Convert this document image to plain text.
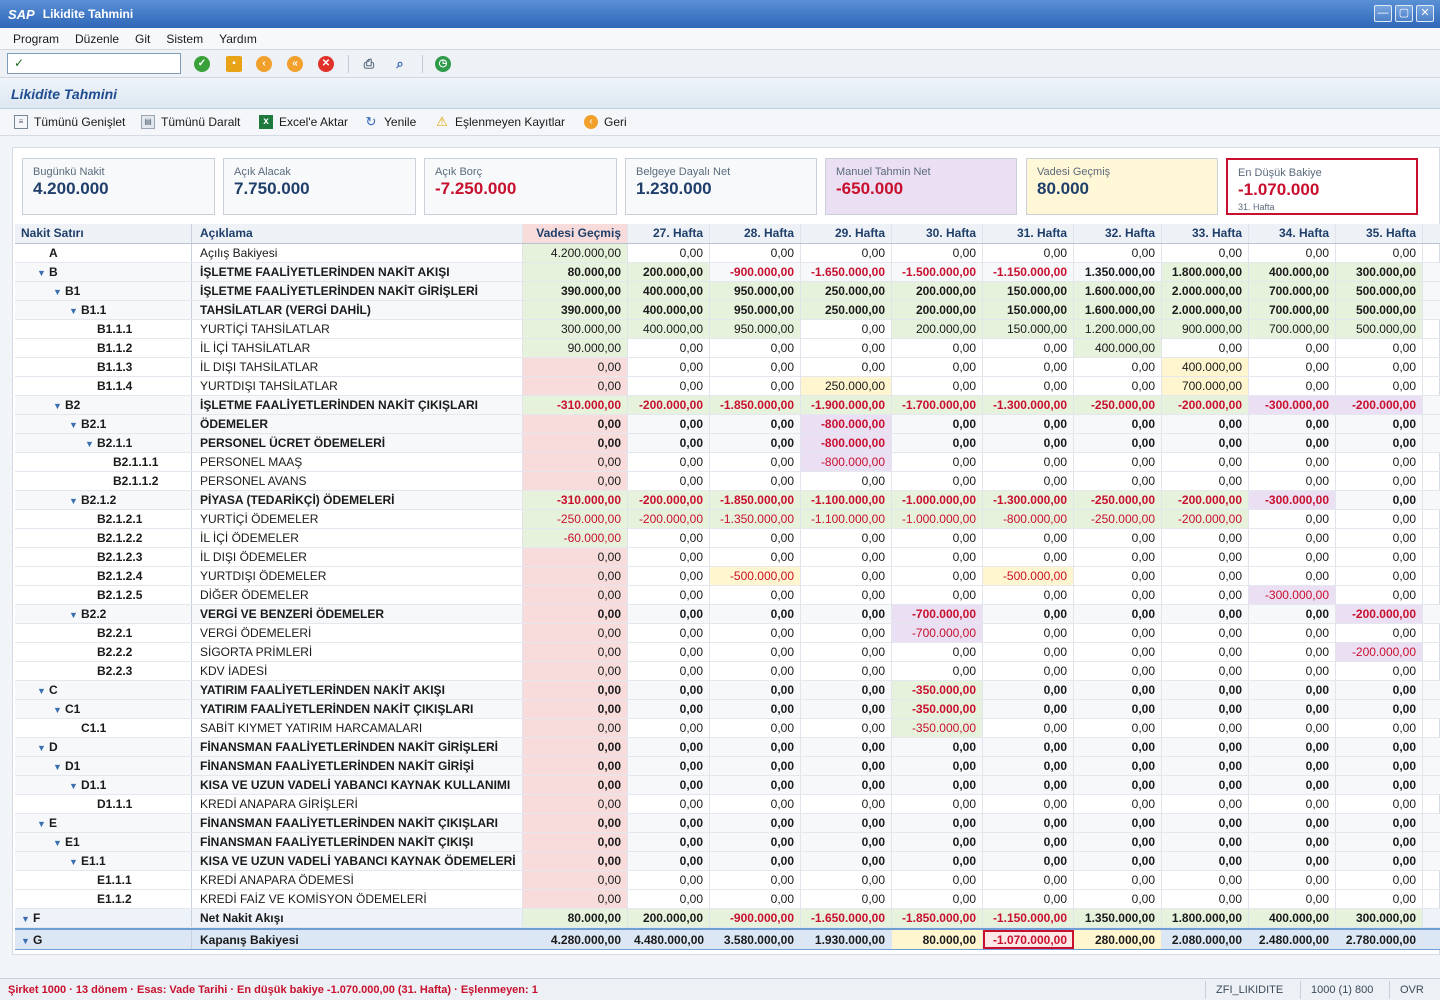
SAP Likidite Tahmini	— ▢	✕
Program Düzenle Git Sistem Yardım
✓	✓	▪	‹	«	✕	⎙	⌕	◷
Likidite Tahmini
≡ Tümünü Genişlet	▤ Tümünü Daralt	x Excel'e Aktar ↻ Yenile ⚠ Eşlenmeyen Kayıtlar	‹ Geri
Bugünkü Nakit
4.200.000
Açık Alacak
7.750.000
Açık Borç
-7.250.000
Belgeye Dayalı Net
1.230.000
Manuel Tahmin Net
-650.000
Vadesi Geçmiş
80.000
En Düşük Bakiye
-1.070.000
31. Hafta
Nakit Satırı	Açıklama	Vadesi Geçmiş	27. Hafta	28. Hafta	29. Hafta	30. Hafta	31. Hafta	32. Hafta	33. Hafta	34. Hafta	35. Hafta
A	Açılış Bakiyesi	4.200.000,00	0,00	0,00	0,00	0,00	0,00	0,00	0,00	0,00	0,00
▼ B	İŞLETME FAALİYETLERİNDEN NAKİT AKIŞI	80.000,00	200.000,00	-900.000,00	-1.650.000,00	-1.500.000,00	-1.150.000,00	1.350.000,00	1.800.000,00	400.000,00	300.000,00
▼ B1	İŞLETME FAALİYETLERİNDEN NAKİT GİRİŞLERİ	390.000,00	400.000,00	950.000,00	250.000,00	200.000,00	150.000,00	1.600.000,00	2.000.000,00	700.000,00	500.000,00
▼ B1.1	TAHSİLATLAR (VERGİ DAHİL)	390.000,00	400.000,00	950.000,00	250.000,00	200.000,00	150.000,00	1.600.000,00	2.000.000,00	700.000,00	500.000,00
B1.1.1	YURTİÇİ TAHSİLATLAR	300.000,00	400.000,00	950.000,00	0,00	200.000,00	150.000,00	1.200.000,00	900.000,00	700.000,00	500.000,00
B1.1.2	İL İÇİ TAHSİLATLAR	90.000,00	0,00	0,00	0,00	0,00	0,00	400.000,00	0,00	0,00	0,00
B1.1.3	İL DIŞI TAHSİLATLAR	0,00	0,00	0,00	0,00	0,00	0,00	0,00	400.000,00	0,00	0,00
B1.1.4	YURTDIŞI TAHSİLATLAR	0,00	0,00	0,00	250.000,00	0,00	0,00	0,00	700.000,00	0,00	0,00
▼ B2	İŞLETME FAALİYETLERİNDEN NAKİT ÇIKIŞLARI	-310.000,00	-200.000,00	-1.850.000,00	-1.900.000,00	-1.700.000,00	-1.300.000,00	-250.000,00	-200.000,00	-300.000,00	-200.000,00
▼ B2.1	ÖDEMELER	0,00	0,00	0,00	-800.000,00	0,00	0,00	0,00	0,00	0,00	0,00
▼ B2.1.1	PERSONEL ÜCRET ÖDEMELERİ	0,00	0,00	0,00	-800.000,00	0,00	0,00	0,00	0,00	0,00	0,00
B2.1.1.1	PERSONEL MAAŞ	0,00	0,00	0,00	-800.000,00	0,00	0,00	0,00	0,00	0,00	0,00
B2.1.1.2	PERSONEL AVANS	0,00	0,00	0,00	0,00	0,00	0,00	0,00	0,00	0,00	0,00
▼ B2.1.2	PİYASA (TEDARİKÇİ) ÖDEMELERİ	-310.000,00	-200.000,00	-1.850.000,00	-1.100.000,00	-1.000.000,00	-1.300.000,00	-250.000,00	-200.000,00	-300.000,00	0,00
B2.1.2.1	YURTİÇİ ÖDEMELER	-250.000,00	-200.000,00	-1.350.000,00	-1.100.000,00	-1.000.000,00	-800.000,00	-250.000,00	-200.000,00	0,00	0,00
B2.1.2.2	İL İÇİ ÖDEMELER	-60.000,00	0,00	0,00	0,00	0,00	0,00	0,00	0,00	0,00	0,00
B2.1.2.3	İL DIŞI ÖDEMELER	0,00	0,00	0,00	0,00	0,00	0,00	0,00	0,00	0,00	0,00
B2.1.2.4	YURTDIŞI ÖDEMELER	0,00	0,00	-500.000,00	0,00	0,00	-500.000,00	0,00	0,00	0,00	0,00
B2.1.2.5	DİĞER ÖDEMELER	0,00	0,00	0,00	0,00	0,00	0,00	0,00	0,00	-300.000,00	0,00
▼ B2.2	VERGİ VE BENZERİ ÖDEMELER	0,00	0,00	0,00	0,00	-700.000,00	0,00	0,00	0,00	0,00	-200.000,00
B2.2.1	VERGİ ÖDEMELERİ	0,00	0,00	0,00	0,00	-700.000,00	0,00	0,00	0,00	0,00	0,00
B2.2.2	SİGORTA PRİMLERİ	0,00	0,00	0,00	0,00	0,00	0,00	0,00	0,00	0,00	-200.000,00
B2.2.3	KDV İADESİ	0,00	0,00	0,00	0,00	0,00	0,00	0,00	0,00	0,00	0,00
▼ C	YATIRIM FAALİYETLERİNDEN NAKİT AKIŞI	0,00	0,00	0,00	0,00	-350.000,00	0,00	0,00	0,00	0,00	0,00
▼ C1	YATIRIM FAALİYETLERİNDEN NAKİT ÇIKIŞLARI	0,00	0,00	0,00	0,00	-350.000,00	0,00	0,00	0,00	0,00	0,00
C1.1	SABİT KIYMET YATIRIM HARCAMALARI	0,00	0,00	0,00	0,00	-350.000,00	0,00	0,00	0,00	0,00	0,00
▼ D	FİNANSMAN FAALİYETLERİNDEN NAKİT GİRİŞLERİ	0,00	0,00	0,00	0,00	0,00	0,00	0,00	0,00	0,00	0,00
▼ D1	FİNANSMAN FAALİYETLERİNDEN NAKİT GİRİŞİ	0,00	0,00	0,00	0,00	0,00	0,00	0,00	0,00	0,00	0,00
▼ D1.1	KISA VE UZUN VADELİ YABANCI KAYNAK KULLANIMI	0,00	0,00	0,00	0,00	0,00	0,00	0,00	0,00	0,00	0,00
D1.1.1	KREDİ ANAPARA GİRİŞLERİ	0,00	0,00	0,00	0,00	0,00	0,00	0,00	0,00	0,00	0,00
▼ E	FİNANSMAN FAALİYETLERİNDEN NAKİT ÇIKIŞLARI	0,00	0,00	0,00	0,00	0,00	0,00	0,00	0,00	0,00	0,00
▼ E1	FİNANSMAN FAALİYETLERİNDEN NAKİT ÇIKIŞI	0,00	0,00	0,00	0,00	0,00	0,00	0,00	0,00	0,00	0,00
▼ E1.1	KISA VE UZUN VADELİ YABANCI KAYNAK ÖDEMELERİ	0,00	0,00	0,00	0,00	0,00	0,00	0,00	0,00	0,00	0,00
E1.1.1	KREDİ ANAPARA ÖDEMESİ	0,00	0,00	0,00	0,00	0,00	0,00	0,00	0,00	0,00	0,00
E1.1.2	KREDİ FAİZ VE KOMİSYON ÖDEMELERİ	0,00	0,00	0,00	0,00	0,00	0,00	0,00	0,00	0,00	0,00
▼ F	Net Nakit Akışı	80.000,00	200.000,00	-900.000,00	-1.650.000,00	-1.850.000,00	-1.150.000,00	1.350.000,00	1.800.000,00	400.000,00	300.000,00
▼ G	Kapanış Bakiyesi	4.280.000,00	4.480.000,00	3.580.000,00	1.930.000,00	80.000,00	-1.070.000,00	280.000,00	2.080.000,00	2.480.000,00	2.780.000,00
Şirket 1000 · 13 dönem · Esas: Vade Tarihi · En düşük bakiye -1.070.000,00 (31. Hafta) · Eşlenmeyen: 1	ZFI_LIKIDITE	1000 (1) 800	OVR
